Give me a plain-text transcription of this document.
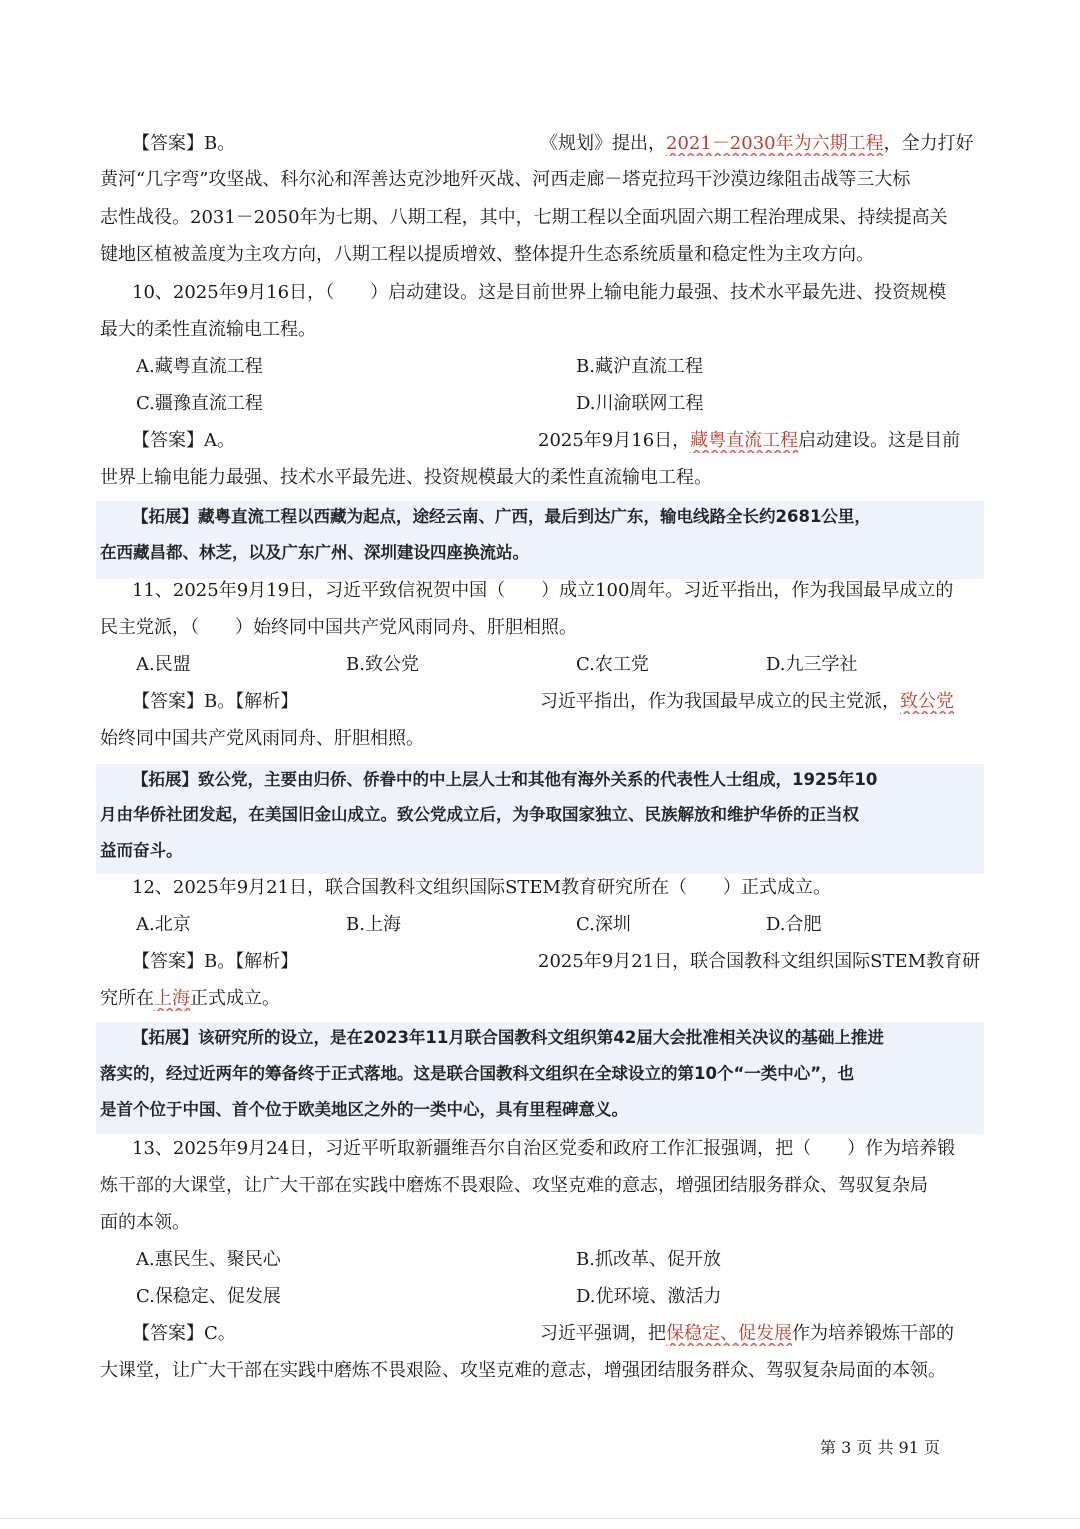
【答案】B。	《规划》提出，2021－2030年为六期工程，全力打好
黄河“几字弯”攻坚战、科尔沁和浑善达克沙地歼灭战、河西走廊－塔克拉玛干沙漠边缘阻击战等三大标
志性战役。2031－2050年为七期、八期工程，其中，七期工程以全面巩固六期工程治理成果、持续提高关
键地区植被盖度为主攻方向，八期工程以提质增效、整体提升生态系统质量和稳定性为主攻方向。
10、2025年9月16日，（　　）启动建设。这是目前世界上输电能力最强、技术水平最先进、投资规模
最大的柔性直流输电工程。
A.藏粤直流工程	B.藏沪直流工程
C.疆豫直流工程	D.川渝联网工程
【答案】A。	2025年9月16日，藏粤直流工程启动建设。这是目前
世界上输电能力最强、技术水平最先进、投资规模最大的柔性直流输电工程。
【拓展】藏粤直流工程以西藏为起点，途经云南、广西，最后到达广东，输电线路全长约2681公里，
在西藏昌都、林芝，以及广东广州、深圳建设四座换流站。
11、2025年9月19日，习近平致信祝贺中国（　　）成立100周年。习近平指出，作为我国最早成立的
民主党派，（　　）始终同中国共产党风雨同舟、肝胆相照。
A.民盟	B.致公党	C.农工党	D.九三学社
【答案】B。【解析】	习近平指出，作为我国最早成立的民主党派，致公党
始终同中国共产党风雨同舟、肝胆相照。
【拓展】致公党，主要由归侨、侨眷中的中上层人士和其他有海外关系的代表性人士组成，1925年10
月由华侨社团发起，在美国旧金山成立。致公党成立后，为争取国家独立、民族解放和维护华侨的正当权
益而奋斗。
12、2025年9月21日，联合国教科文组织国际STEM教育研究所在（　　）正式成立。
A.北京	B.上海	C.深圳	D.合肥
【答案】B。【解析】	2025年9月21日，联合国教科文组织国际STEM教育研
究所在上海正式成立。
【拓展】该研究所的设立，是在2023年11月联合国教科文组织第42届大会批准相关决议的基础上推进
落实的，经过近两年的筹备终于正式落地。这是联合国教科文组织在全球设立的第10个“一类中心”，也
是首个位于中国、首个位于欧美地区之外的一类中心，具有里程碑意义。
13、2025年9月24日，习近平听取新疆维吾尔自治区党委和政府工作汇报强调，把（　　）作为培养锻
炼干部的大课堂，让广大干部在实践中磨炼不畏艰险、攻坚克难的意志，增强团结服务群众、驾驭复杂局
面的本领。
A.惠民生、聚民心	B.抓改革、促开放
C.保稳定、促发展	D.优环境、激活力
【答案】C。	习近平强调，把保稳定、促发展作为培养锻炼干部的
大课堂，让广大干部在实践中磨炼不畏艰险、攻坚克难的意志，增强团结服务群众、驾驭复杂局面的本领。
第 3 页 共 91 页
